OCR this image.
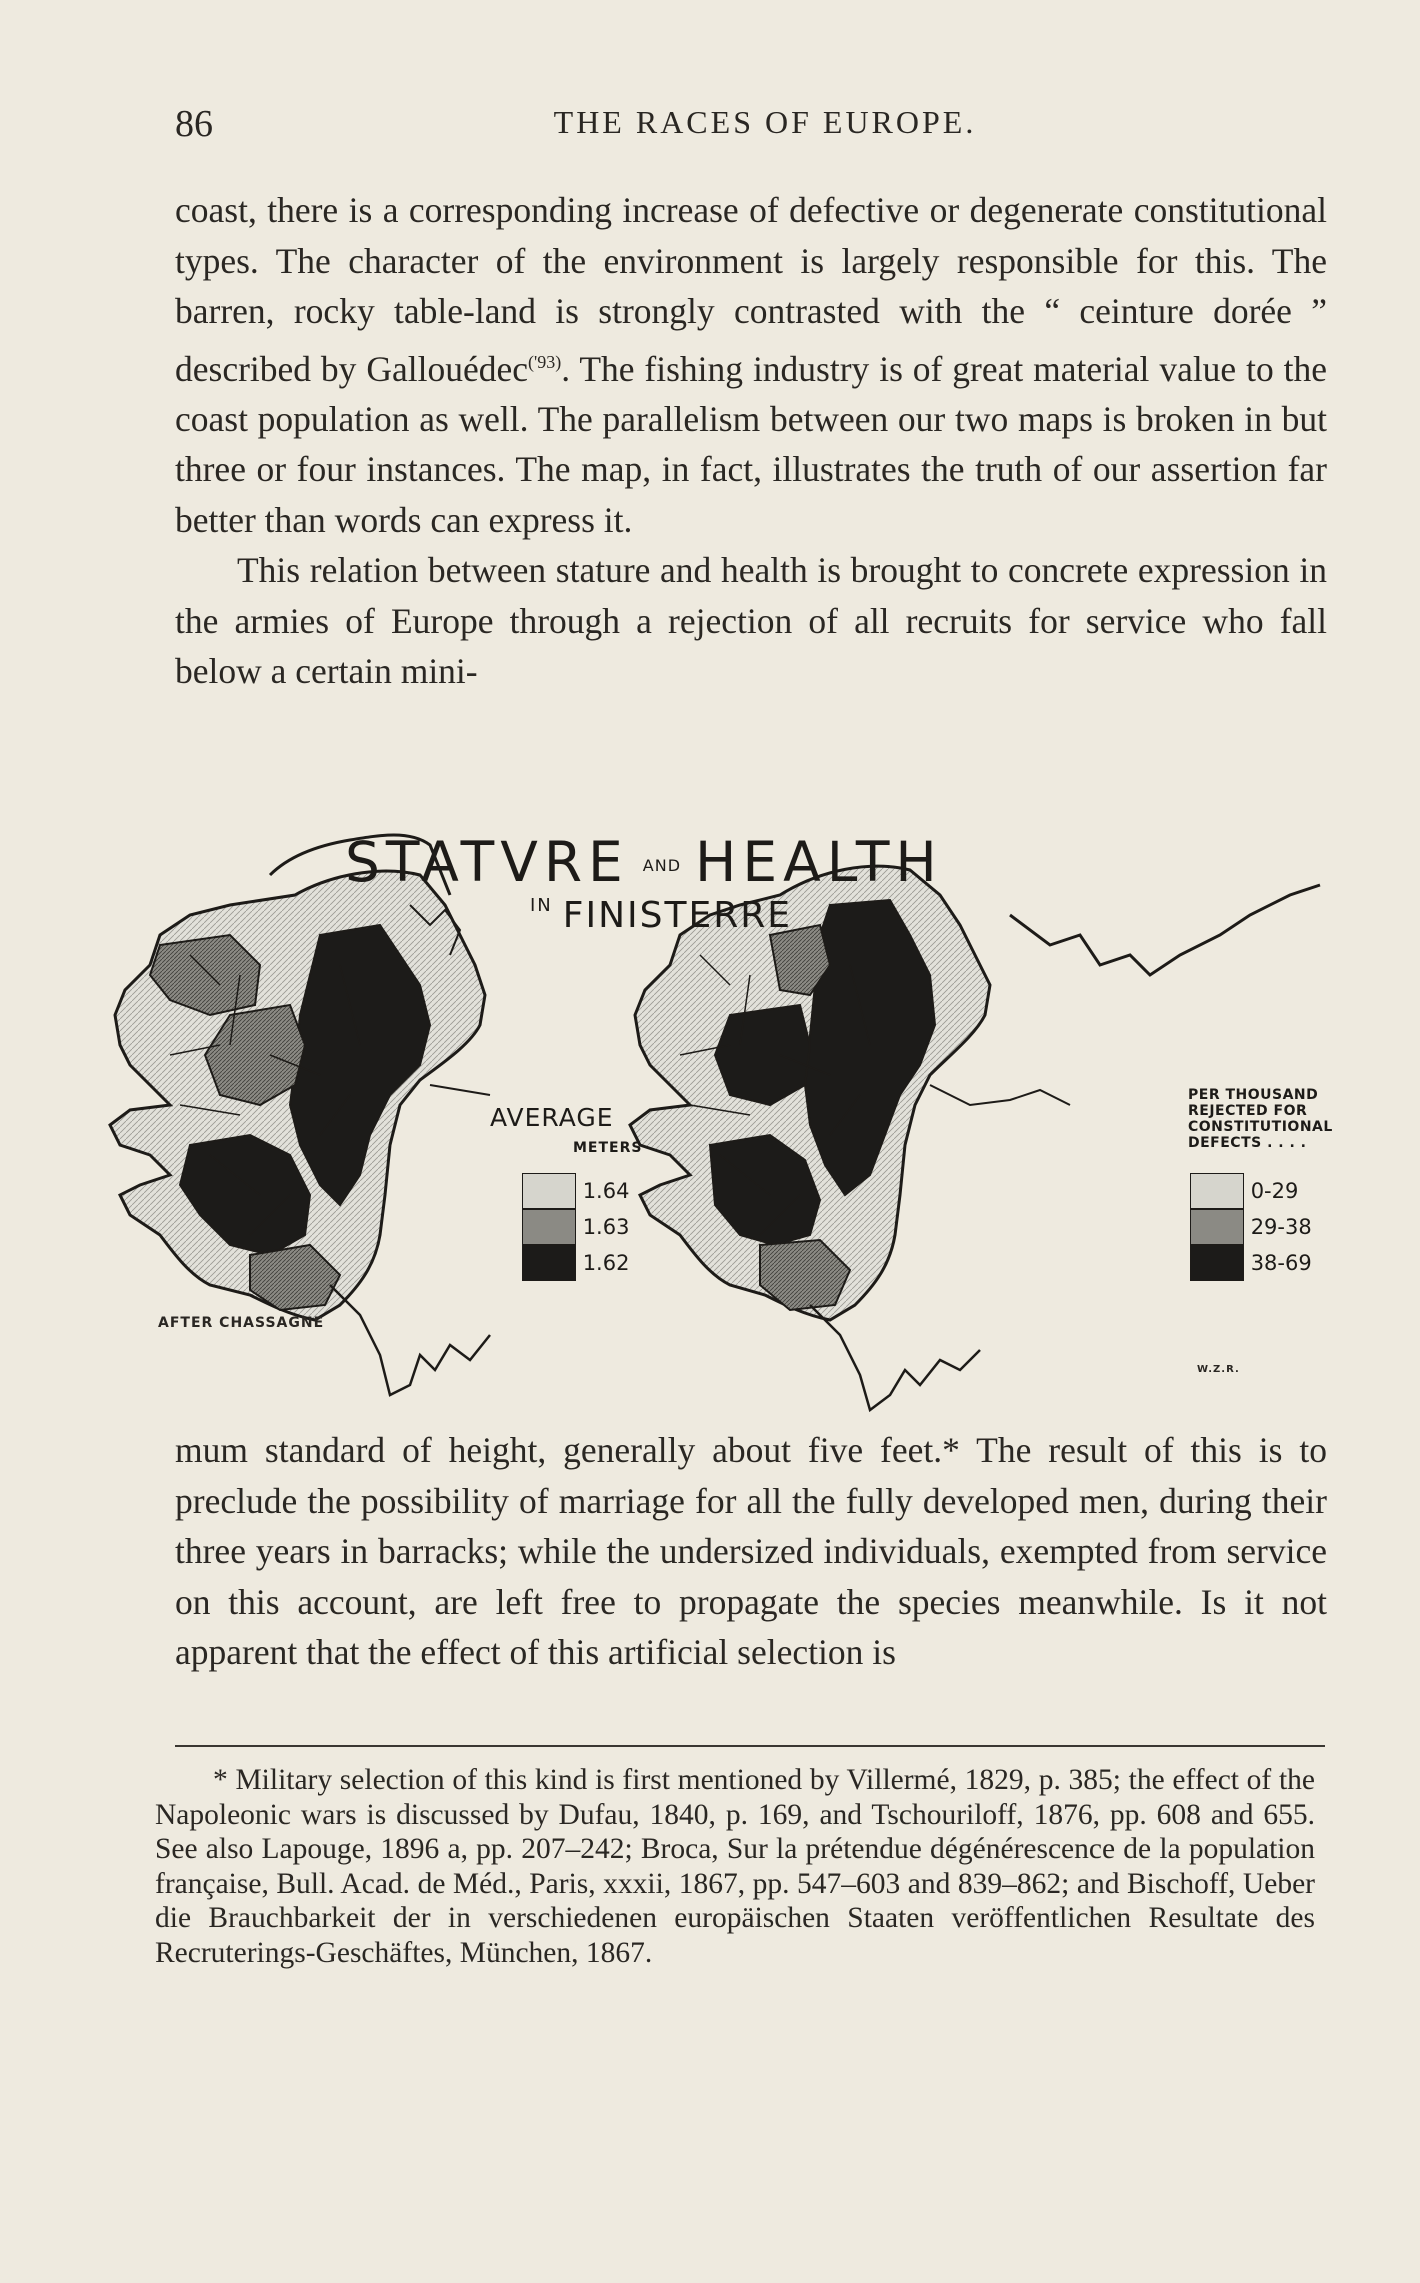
86	THE RACES OF EUROPE.

coast, there is a corresponding increase of defective or degenerate constitutional types. The character of the environment is largely responsible for this. The barren, rocky table-land is strongly contrasted with the “ ceinture dorée ” described by Gallouédec$^{('93)}$. The fishing industry is of great material value to the coast population as well. The parallelism between our two maps is broken in but three or four instances. The map, in fact, illustrates the truth of our assertion far better than words can express it.

This relation between stature and health is brought to concrete expression in the armies of Europe through a rejection of all recruits for service who fall below a certain mini-

STATVRE AND HEALTH
$^{IN}$ FINISTERRE
AVERAGE
METERS
1.64
1.63
1.62
PER THOUSAND REJECTED FOR CONSTITUTIONAL DEFECTS . . . .
0-29
29-38
38-69
AFTER CHASSAGNE
W.Z.R.

mum standard of height, generally about five feet.* The result of this is to preclude the possibility of marriage for all the fully developed men, during their three years in barracks; while the undersized individuals, exempted from service on this account, are left free to propagate the species meanwhile. Is it not apparent that the effect of this artificial selection is

* Military selection of this kind is first mentioned by Villermé, 1829, p. 385; the effect of the Napoleonic wars is discussed by Dufau, 1840, p. 169, and Tschouriloff, 1876, pp. 608 and 655. See also Lapouge, 1896 a, pp. 207–242; Broca, Sur la prétendue dégénérescence de la population française, Bull. Acad. de Méd., Paris, xxxii, 1867, pp. 547–603 and 839–862; and Bischoff, Ueber die Brauchbarkeit der in verschiedenen europäischen Staaten veröffentlichen Resultate des Recruterings-Geschäftes, München, 1867.
